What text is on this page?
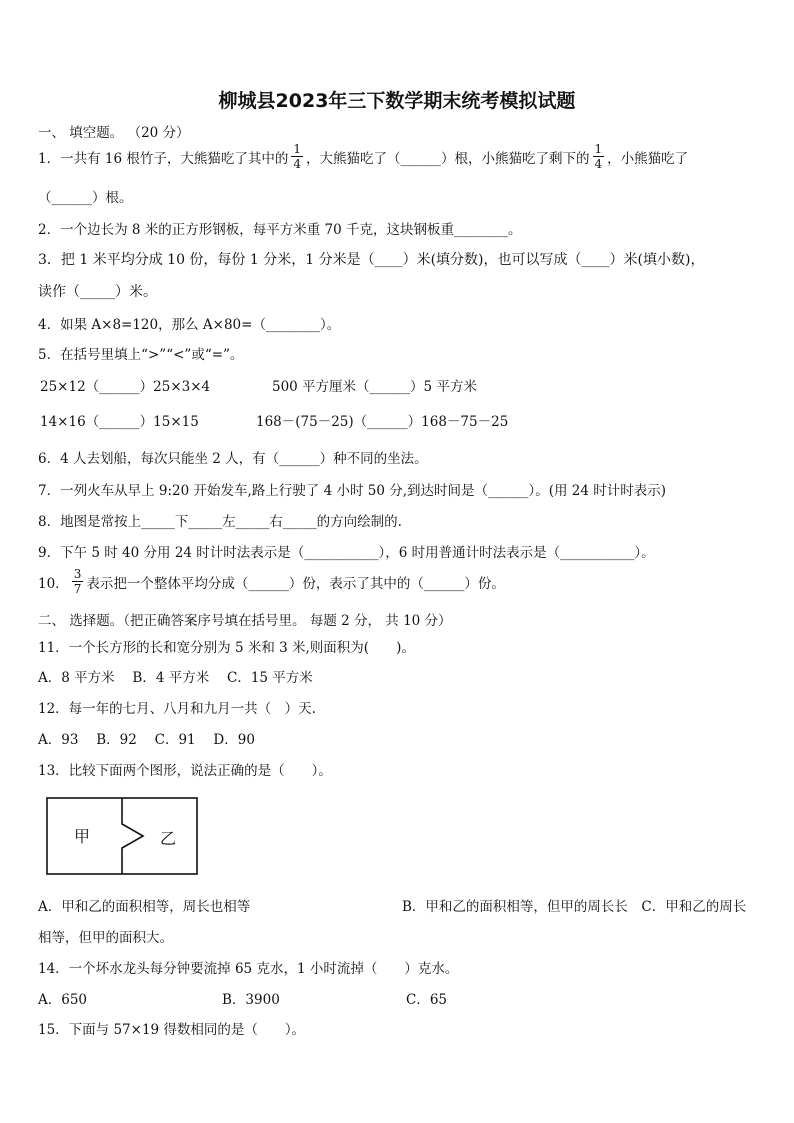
柳城县2023年三下数学期末统考模拟试题
一、 填空题。 （20 分）
1．一共有 16 根竹子，大熊猫吃了其中的 $\frac{1}{4}$ ，大熊猫吃了（______）根，小熊猫吃了剩下的 $\frac{1}{4}$ ，小熊猫吃了
（______）根。
2．一个边长为 8 米的正方形钢板，每平方米重 70 千克，这块钢板重________。
3．把 1 米平均分成 10 份，每份 1 分米，1 分米是（____）米(填分数)，也可以写成（____）米(填小数)，
读作（_____）米。
4．如果 A×8=120，那么 A×80=（________）。
5．在括号里填上“>”“<”或“=”。
25×12（______）25×3×4	500 平方厘米（______）5 平方米
14×16（______）15×15	168－(75－25)（______）168－75－25
6．4 人去划船，每次只能坐 2 人，有（______）种不同的坐法。
7．一列火车从早上 9:20 开始发车,路上行驶了 4 小时 50 分,到达时间是（______）。(用 24 时计时表示)
8．地图是常按上_____下_____左_____右_____的方向绘制的.
9．下午 5 时 40 分用 24 时计时法表示是（___________），6 时用普通计时法表示是（___________）。
10． $\frac{3}{7}$ 表示把一个整体平均分成（______）份，表示了其中的（______）份。
二、 选择题。（把正确答案序号填在括号里。 每题 2 分， 共 10 分）
11．一个长方形的长和宽分别为 5 米和 3 米,则面积为(　　)。
A．8 平方米　 B．4 平方米　 C．15 平方米
12．每一年的七月、八月和九月一共（　）天.
A．93　 B．92　 C．91　 D．90
13．比较下面两个图形，说法正确的是（　　）。
甲	乙
A．甲和乙的面积相等，周长也相等	B．甲和乙的面积相等，但甲的周长长　C．甲和乙的周长
相等，但甲的面积大。
14．一个坏水龙头每分钟要流掉 65 克水，1 小时流掉（　　）克水。
A．650	B．3900	C．65
15．下面与 57×19 得数相同的是（　　）。
